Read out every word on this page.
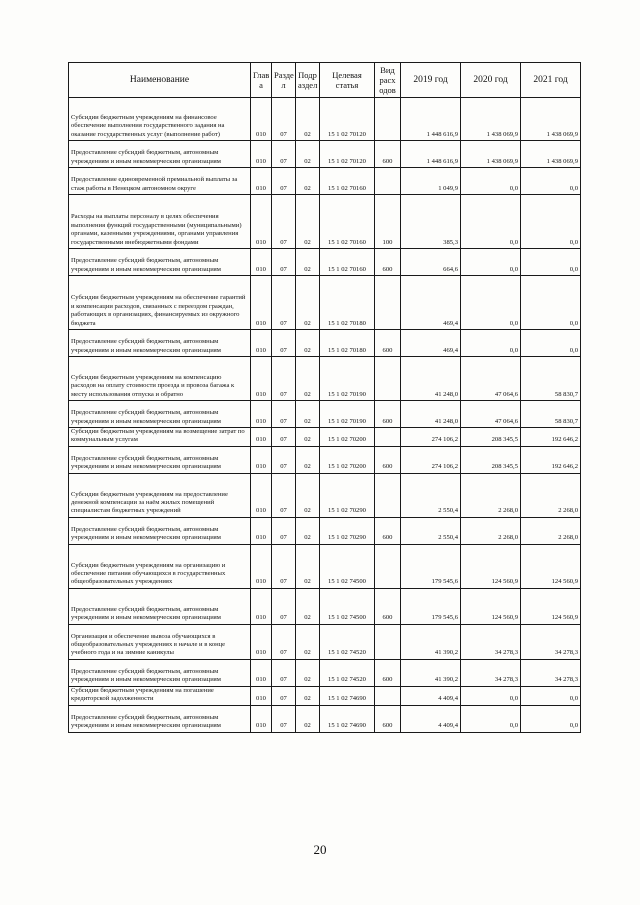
Наименование	Глав а	Разде л	Подр аздел	Целевая статья	Вид расх одов	2019 год	2020 год	2021 год
Субсидии бюджетным учреждениям на финансовое обеспечение выполнения государственного задания на оказание государственных услуг (выполнение работ)	010	07	02	15 1 02 70120		1 448 616,9	1 438 069,9	1 438 069,9
Предоставление субсидий бюджетным, автономным учреждениям и иным некоммерческим организациям	010	07	02	15 1 02 70120	600	1 448 616,9	1 438 069,9	1 438 069,9
Предоставление единовременной премиальной выплаты за стаж работы в Ненецком автономном округе	010	07	02	15 1 02 70160		1 049,9	0,0	0,0
Расходы на выплаты персоналу в целях обеспечения выполнения функций государственными (муниципальными) органами, казенными учреждениями, органами управления государственными внебюджетными фондами	010	07	02	15 1 02 70160	100	385,3	0,0	0,0
Предоставление субсидий бюджетным, автономным учреждениям и иным некоммерческим организациям	010	07	02	15 1 02 70160	600	664,6	0,0	0,0
Субсидии бюджетным учреждениям на обеспечение гарантий и компенсации расходов, связанных с переездом граждан, работающих в организациях, финансируемых из окружного бюджета	010	07	02	15 1 02 70180		469,4	0,0	0,0
Предоставление субсидий бюджетным, автономным учреждениям и иным некоммерческим организациям	010	07	02	15 1 02 70180	600	469,4	0,0	0,0
Субсидии бюджетным учреждениям на компенсацию расходов на оплату стоимости проезда и провоза багажа к месту использования отпуска и обратно	010	07	02	15 1 02 70190		41 248,0	47 064,6	58 830,7
Предоставление субсидий бюджетным, автономным учреждениям и иным некоммерческим организациям	010	07	02	15 1 02 70190	600	41 248,0	47 064,6	58 830,7
Субсидии бюджетным учреждениям на возмещение затрат по коммунальным услугам	010	07	02	15 1 02 70200		274 106,2	208 345,5	192 646,2
Предоставление субсидий бюджетным, автономным учреждениям и иным некоммерческим организациям	010	07	02	15 1 02 70200	600	274 106,2	208 345,5	192 646,2
Субсидии бюджетным учреждениям на предоставление денежной компенсации за наём жилых помещений специалистам бюджетных учреждений	010	07	02	15 1 02 70290		2 550,4	2 268,0	2 268,0
Предоставление субсидий бюджетным, автономным учреждениям и иным некоммерческим организациям	010	07	02	15 1 02 70290	600	2 550,4	2 268,0	2 268,0
Субсидии бюджетным учреждениям на организацию и обеспечение питания обучающихся в государственных общеобразовательных учреждениях	010	07	02	15 1 02 74500		179 545,6	124 560,9	124 560,9
Предоставление субсидий бюджетным, автономным учреждениям и иным некоммерческим организациям	010	07	02	15 1 02 74500	600	179 545,6	124 560,9	124 560,9
Организация и обеспечение вывоза обучающихся в общеобразовательных учреждениях в начале и в конце учебного года и на зимние каникулы	010	07	02	15 1 02 74520		41 390,2	34 278,3	34 278,3
Предоставление субсидий бюджетным, автономным учреждениям и иным некоммерческим организациям	010	07	02	15 1 02 74520	600	41 390,2	34 278,3	34 278,3
Субсидии бюджетным учреждениям на погашение кредиторской задолженности	010	07	02	15 1 02 74690		4 409,4	0,0	0,0
Предоставление субсидий бюджетным, автономным учреждениям и иным некоммерческим организациям	010	07	02	15 1 02 74690	600	4 409,4	0,0	0,0
20
